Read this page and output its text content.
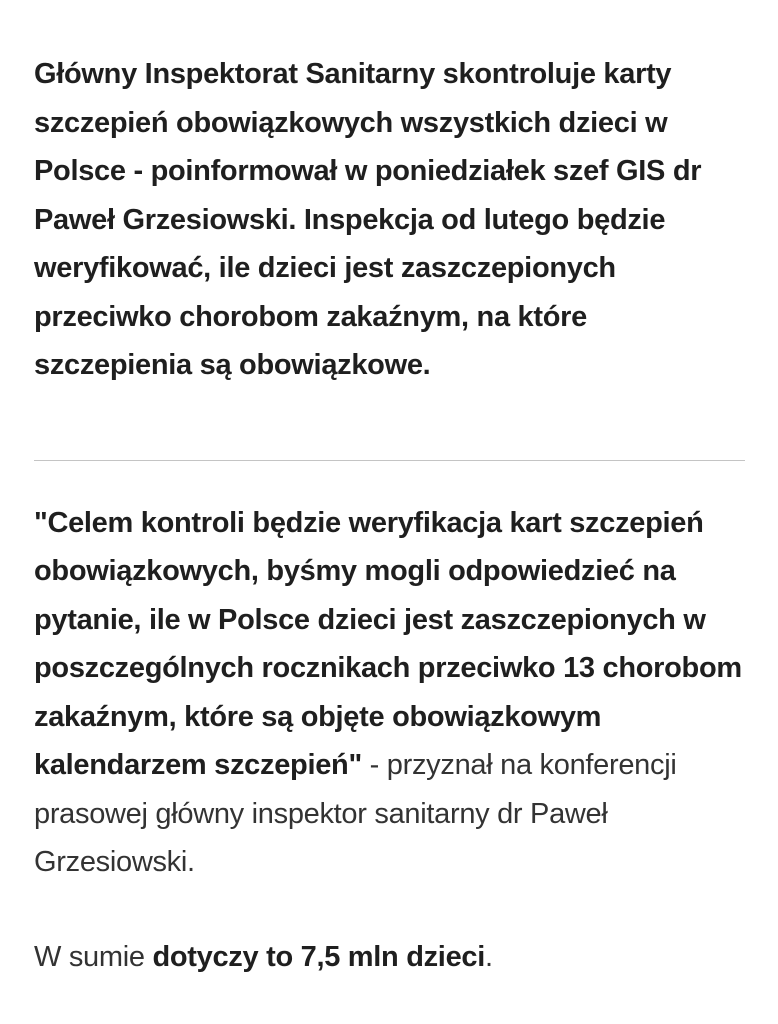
Główny Inspektorat Sanitarny skontroluje karty szczepień obowiązkowych wszystkich dzieci w Polsce - poinformował w poniedziałek szef GIS dr Paweł Grzesiowski. Inspekcja od lutego będzie weryfikować, ile dzieci jest zaszczepionych przeciwko chorobom zakaźnym, na które szczepienia są obowiązkowe.

"Celem kontroli będzie weryfikacja kart szczepień obowiązkowych, byśmy mogli odpowiedzieć na pytanie, ile w Polsce dzieci jest zaszczepionych w poszczególnych rocznikach przeciwko 13 chorobom zakaźnym, które są objęte obowiązkowym kalendarzem szczepień" - przyznał na konferencji prasowej główny inspektor sanitarny dr Paweł Grzesiowski.

W sumie dotyczy to 7,5 mln dzieci.
